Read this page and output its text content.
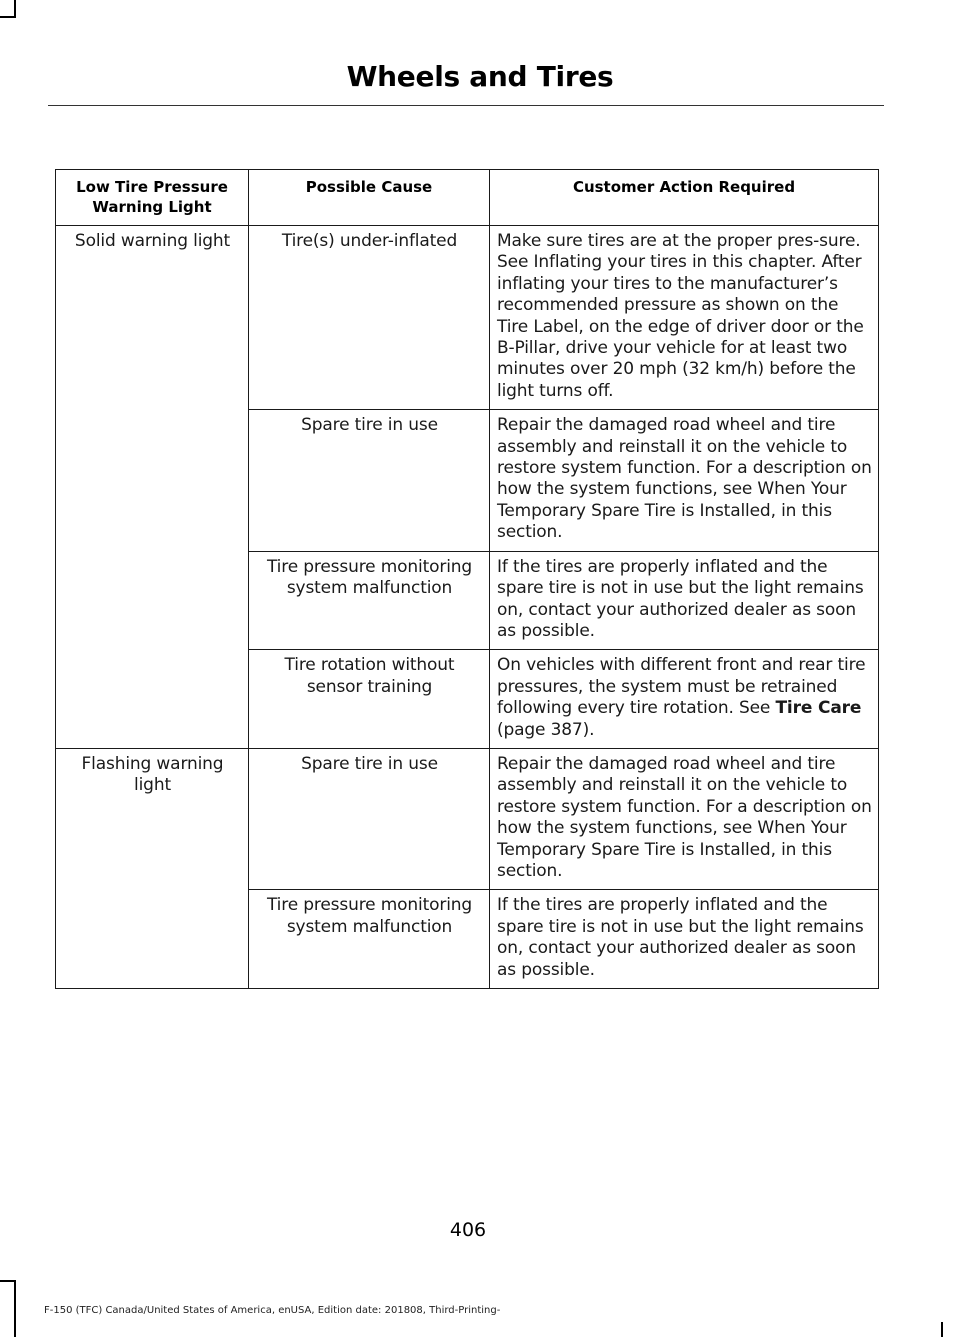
Wheels and Tires
Low Tire Pressure Warning Light	Possible Cause	Customer Action Required
Solid warning light	Tire(s) under-inflated	Make sure tires are at the proper pres-sure. See Inflating your tires in this chapter. After inflating your tires to the manufacturer’s recommended pressure as shown on the Tire Label, on the edge of driver door or the B-Pillar, drive your vehicle for at least two minutes over 20 mph (32 km/h) before the light turns off.
	Spare tire in use	Repair the damaged road wheel and tire assembly and reinstall it on the vehicle to restore system function. For a description on how the system functions, see When Your Temporary Spare Tire is Installed, in this section.
	Tire pressure monitoring system malfunction	If the tires are properly inflated and the spare tire is not in use but the light remains on, contact your authorized dealer as soon as possible.
	Tire rotation without sensor training	On vehicles with different front and rear tire pressures, the system must be retrained following every tire rotation. See Tire Care (page 387).
Flashing warning light	Spare tire in use	Repair the damaged road wheel and tire assembly and reinstall it on the vehicle to restore system function. For a description on how the system functions, see When Your Temporary Spare Tire is Installed, in this section.
	Tire pressure monitoring system malfunction	If the tires are properly inflated and the spare tire is not in use but the light remains on, contact your authorized dealer as soon as possible.
406
F-150 (TFC) Canada/United States of America, enUSA, Edition date: 201808, Third-Printing-
